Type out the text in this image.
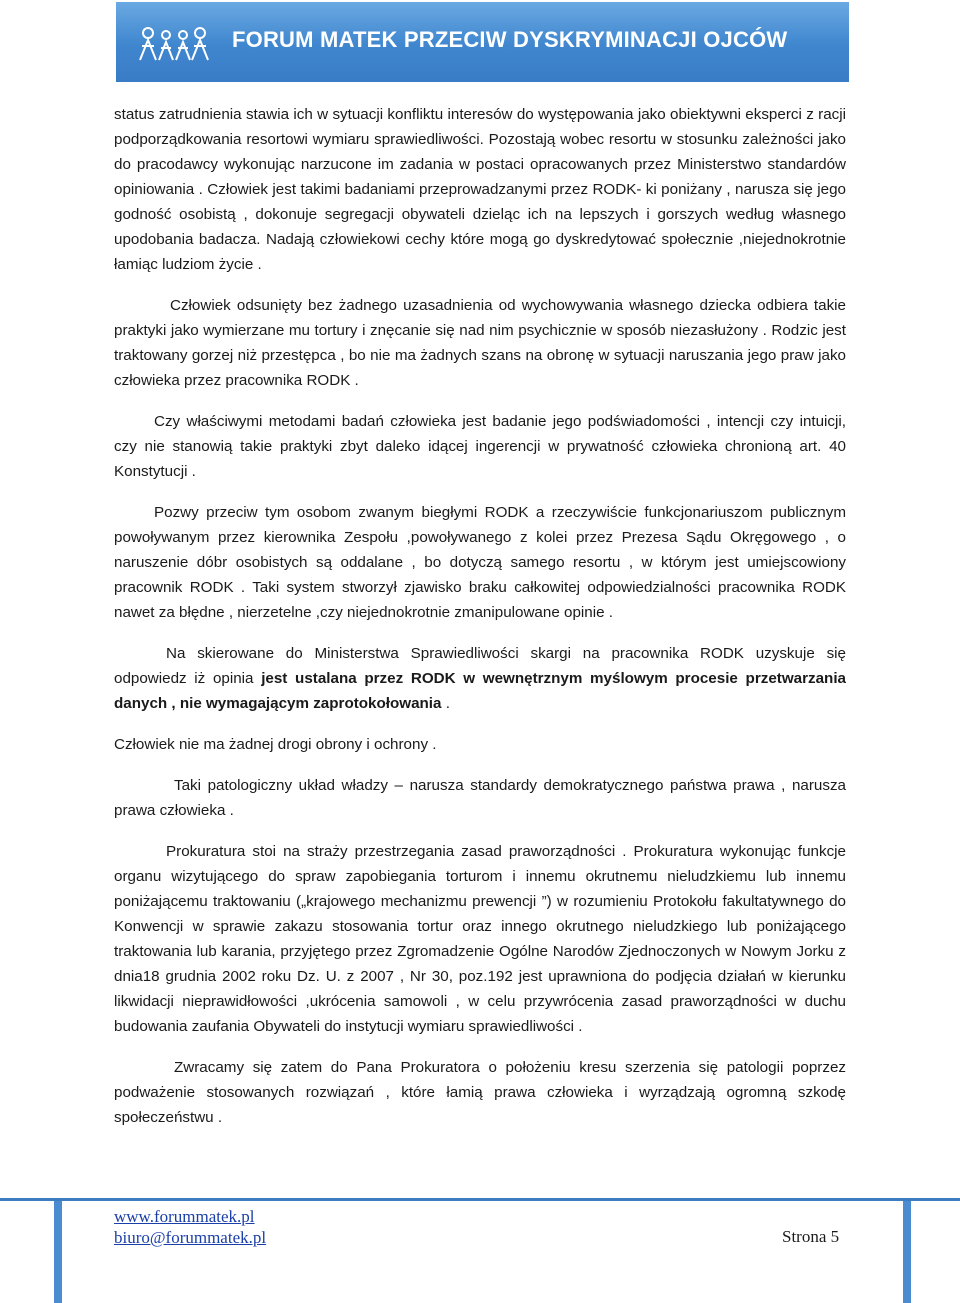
FORUM MATEK PRZECIW DYSKRYMINACJI OJCÓW

status zatrudnienia stawia ich w sytuacji konfliktu interesów do występowania jako obiektywni eksperci z racji podporządkowania resortowi wymiaru sprawiedliwości. Pozostają wobec resortu w stosunku zależności jako do pracodawcy wykonując narzucone im zadania w postaci opracowanych przez Ministerstwo standardów opiniowania . Człowiek jest takimi badaniami przeprowadzanymi przez RODK- ki poniżany , narusza się jego godność osobistą , dokonuje segregacji obywateli dzieląc ich na lepszych i gorszych według własnego upodobania badacza. Nadają człowiekowi cechy które mogą go dyskredytować społecznie ,niejednokrotnie łamiąc ludziom życie .

Człowiek odsunięty bez żadnego uzasadnienia od wychowywania własnego dziecka odbiera takie praktyki jako wymierzane mu tortury i znęcanie się nad nim psychicznie w sposób niezasłużony . Rodzic jest traktowany gorzej niż przestępca , bo nie ma żadnych szans na obronę w sytuacji naruszania jego praw jako człowieka przez pracownika RODK .

Czy właściwymi metodami badań człowieka jest badanie jego podświadomości , intencji czy intuicji, czy nie stanowią takie praktyki zbyt daleko idącej ingerencji w prywatność człowieka chronioną art. 40 Konstytucji .

Pozwy przeciw tym osobom zwanym biegłymi RODK a rzeczywiście funkcjonariuszom publicznym powoływanym przez kierownika Zespołu ,powoływanego z kolei przez Prezesa Sądu Okręgowego , o naruszenie dóbr osobistych są oddalane , bo dotyczą samego resortu , w którym jest umiejscowiony pracownik RODK . Taki system stworzył zjawisko braku całkowitej odpowiedzialności pracownika RODK nawet za błędne , nierzetelne ,czy niejednokrotnie zmanipulowane opinie .

Na skierowane do Ministerstwa Sprawiedliwości skargi na pracownika RODK uzyskuje się odpowiedz iż opinia jest ustalana przez RODK w wewnętrznym myślowym procesie przetwarzania danych , nie wymagającym zaprotokołowania .

Człowiek nie ma żadnej drogi obrony i ochrony .

Taki patologiczny układ władzy – narusza standardy demokratycznego państwa prawa , narusza prawa człowieka .

Prokuratura stoi na straży przestrzegania zasad praworządności . Prokuratura wykonując funkcje organu wizytującego do spraw zapobiegania torturom i innemu okrutnemu nieludzkiemu lub innemu poniżającemu traktowaniu („krajowego mechanizmu prewencji ”) w rozumieniu Protokołu fakultatywnego do Konwencji w sprawie zakazu stosowania tortur oraz innego okrutnego nieludzkiego lub poniżającego traktowania lub karania, przyjętego przez Zgromadzenie Ogólne Narodów Zjednoczonych w Nowym Jorku z dnia18 grudnia 2002 roku Dz. U. z 2007 , Nr 30, poz.192 jest uprawniona do podjęcia działań w kierunku likwidacji nieprawidłowości ,ukrócenia samowoli , w celu przywrócenia zasad praworządności w duchu budowania zaufania Obywateli do instytucji wymiaru sprawiedliwości .

Zwracamy się zatem do Pana Prokuratora o położeniu kresu szerzenia się patologii poprzez podważenie stosowanych rozwiązań , które łamią prawa człowieka i wyrządzają ogromną szkodę społeczeństwu .

www.forummatek.pl
biuro@forummatek.pl	Strona 5
